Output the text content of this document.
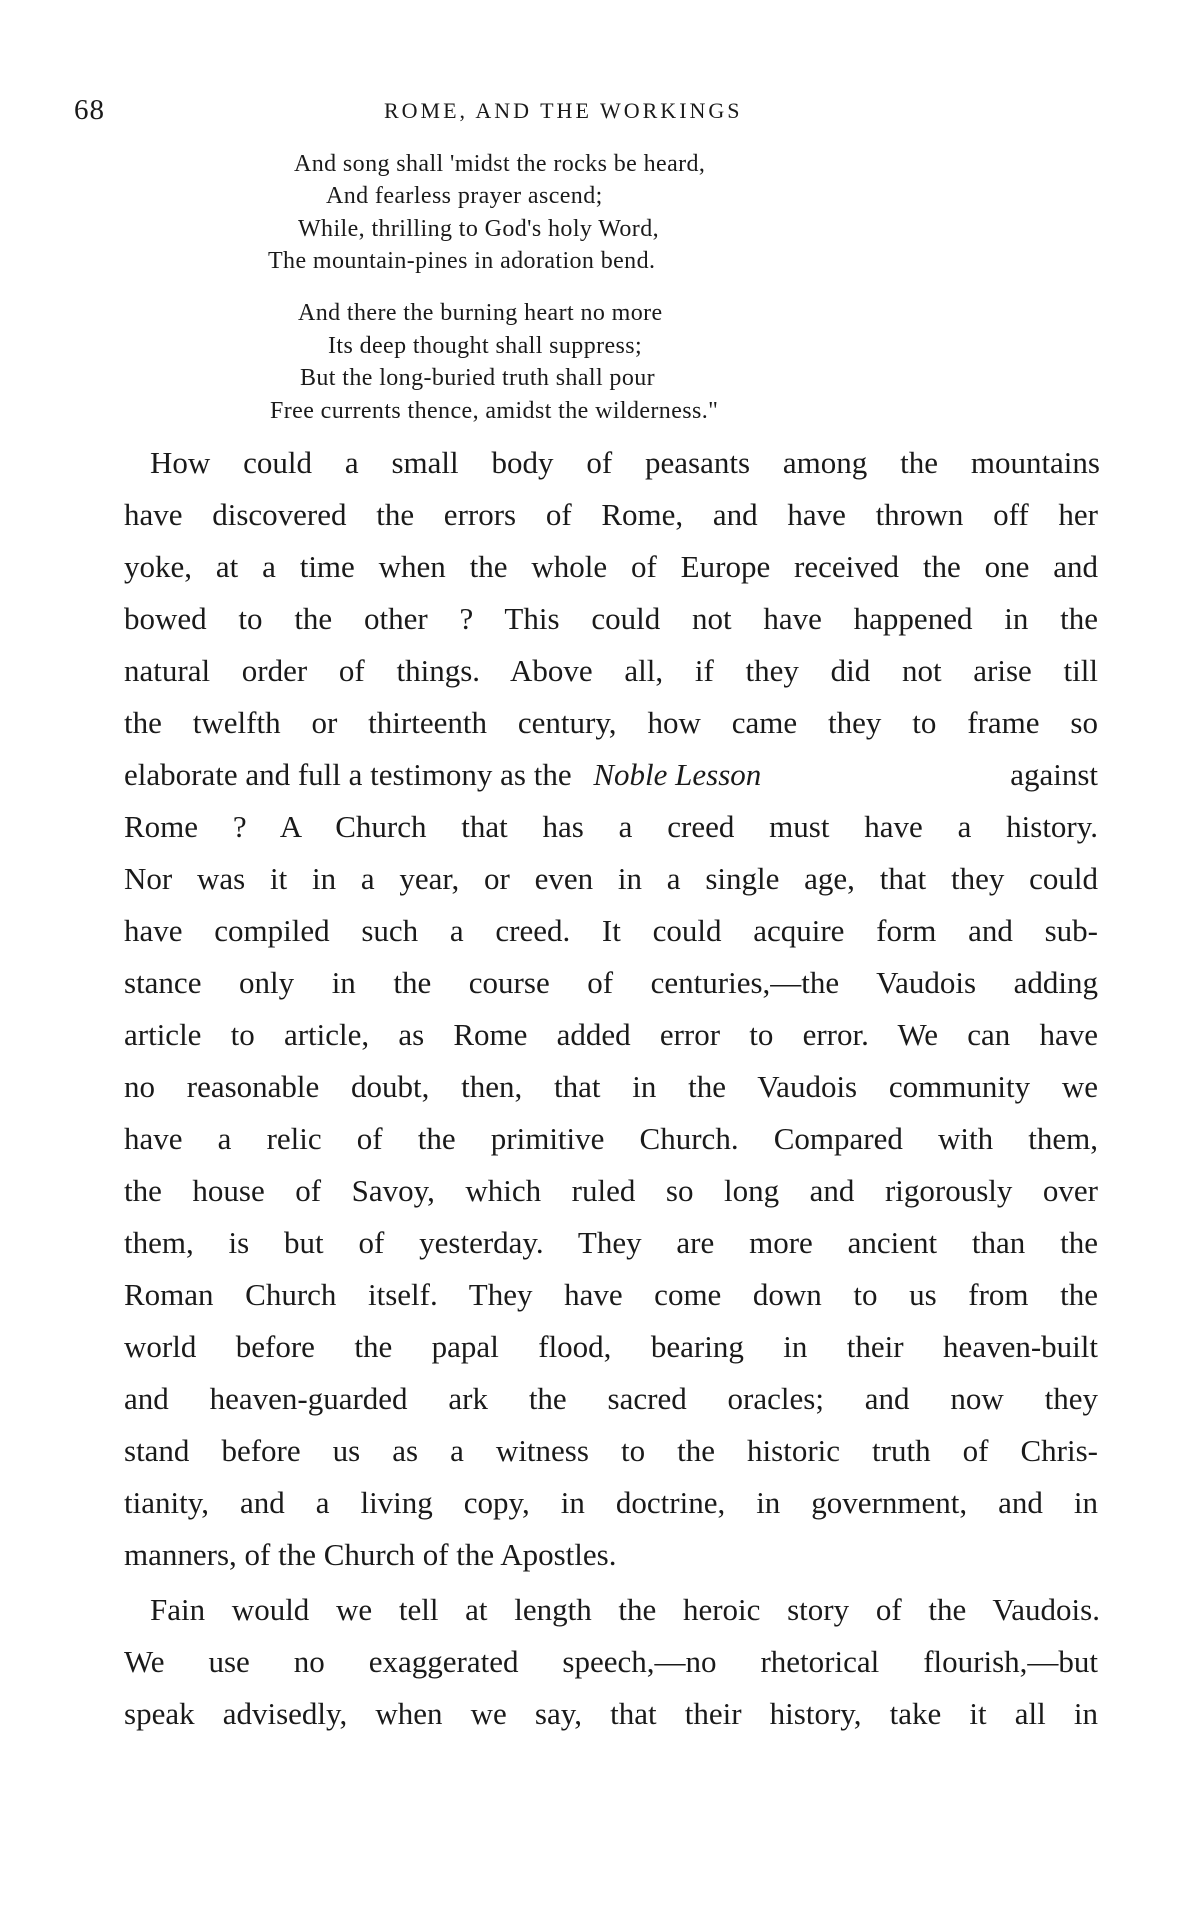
68	ROME, AND THE WORKINGS
And song shall 'midst the rocks be heard,
And fearless prayer ascend;
While, thrilling to God's holy Word,
The mountain-pines in adoration bend.
And there the burning heart no more
Its deep thought shall suppress;
But the long-buried truth shall pour
Free currents thence, amidst the wilderness."
How could a small body of peasants among the mountains
have discovered the errors of Rome, and have thrown off her
yoke, at a time when the whole of Europe received the one and
bowed to the other ? This could not have happened in the
natural order of things. Above all, if they did not arise till
the twelfth or thirteenth century, how came they to frame so
elaborate and full a testimony as the Noble Lesson	against
Rome ? A Church that has a creed must have a history.
Nor was it in a year, or even in a single age, that they could
have compiled such a creed. It could acquire form and sub-
stance only in the course of centuries,—the Vaudois adding
article to article, as Rome added error to error. We can have
no reasonable doubt, then, that in the Vaudois community we
have a relic of the primitive Church. Compared with them,
the house of Savoy, which ruled so long and rigorously over
them, is but of yesterday. They are more ancient than the
Roman Church itself. They have come down to us from the
world before the papal flood, bearing in their heaven-built
and heaven-guarded ark the sacred oracles; and now they
stand before us as a witness to the historic truth of Chris-
tianity, and a living copy, in doctrine, in government, and in
manners, of the Church of the Apostles.
Fain would we tell at length the heroic story of the Vaudois.
We use no exaggerated speech,—no rhetorical flourish,—but
speak advisedly, when we say, that their history, take it all in
